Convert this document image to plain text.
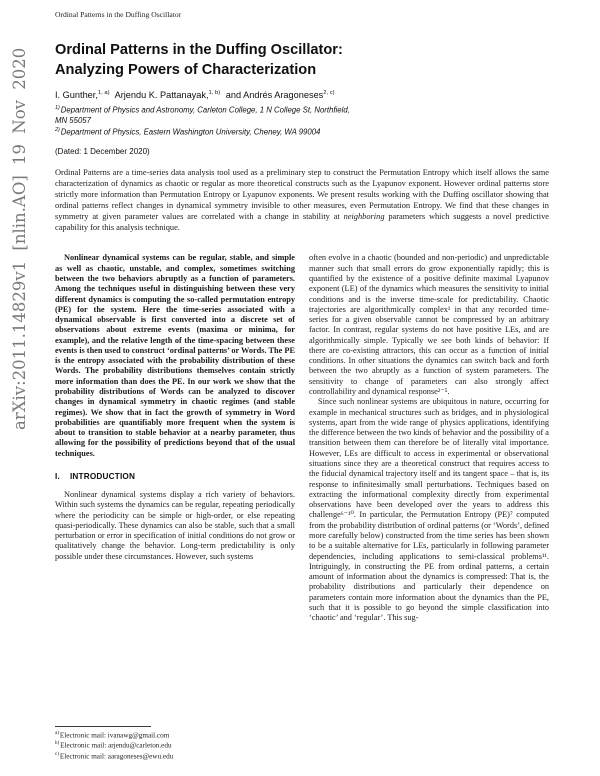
Ordinal Patterns in the Duffing Oscillator
arXiv:2011.14829v1 [nlin.AO] 19 Nov 2020 Ordinal Patterns in the Duffing Oscillator:
Analyzing Powers of Characterization
I. Gunther,$^{1, a)}$ Arjendu K. Pattanayak,$^{1, b)}$ and Andrés Aragoneses$^{2, c)}$
$^{1)}$Department of Physics and Astronomy, Carleton College, 1 N College St, Northfield,
MN 55057
$^{2)}$Department of Physics, Eastern Washington University, Cheney, WA 99004
(Dated: 1 December 2020)
Ordinal Patterns are a time-series data analysis tool used as a preliminary step to construct the Permutation Entropy which itself allows the same characterization of dynamics as chaotic or regular as more theoretical constructs such as the Lyapunov exponent. However ordinal patterns store strictly more information than Permutation Entropy or Lyapunov exponents. We present results working with the Duffing oscillator showing that ordinal patterns reflect changes in dynamical symmetry invisible to other measures, even Permutation Entropy. We find that these changes in symmetry at given parameter values are correlated with a change in stability at neighboring parameters which suggests a novel predictive capability for this analysis technique.

Nonlinear dynamical systems can be regular, stable, and simple as well as chaotic, unstable, and complex, sometimes switching between the two behaviors abruptly as a function of parameters. Among the techniques useful in distinguishing between these very different dynamics is computing the so-called permutation entropy (PE) for the system. Here the time-series associated with a dynamical observable is first converted into a discrete set of observations about extreme events (maxima or minima, for example), and the relative length of the time-spacing between these events is then used to construct ‘ordinal patterns’ or Words. The PE is the entropy associated with the probability distribution of these Words. The probability distributions themselves contain strictly more information than does the PE. In our work we show that the probability distributions of Words can be analyzed to discover changes in dynamical symmetry in chaotic regimes (and stable regimes). We show that in fact the growth of symmetry in Word probabilities are quantifiably more frequent when the system is about to transition to stable behavior at a nearby parameter, thus allowing for the possibility of predictions beyond that of the usual techniques.

I. INTRODUCTION

Nonlinear dynamical systems display a rich variety of behaviors. Within such systems the dynamics can be regular, repeating periodically where the periodicity can be simple or high-order, or else repeating quasi-periodically. These dynamics can also be stable, such that a small perturbation or error in specification of initial conditions do not grow or qualitatively change the behavior. Long-term predictability is only possible under these circumstances. However, such systems

$^{a)}$Electronic mail: ivanawg@gmail.com
$^{b)}$Electronic mail: arjendu@carleton.edu
$^{c)}$Electronic mail: aaragoneses@ewu.edu

often evolve in a chaotic (bounded and non-periodic) and unpredictable manner such that small errors do grow exponentially rapidly; this is quantified by the existence of a positive definite maximal Lyapunov exponent (LE) of the dynamics which measures the sensitivity to initial conditions and is the inverse time-scale for predictability. Chaotic trajectories are algorithmically complex¹ in that any recorded time-series for a given observable cannot be compressed by an arbitrary factor. In contrast, regular systems do not have positive LEs, and are algorithmically simple. Typically we see both kinds of behavior: If there are co-existing attractors, this can occur as a function of initial conditions. In other situations the dynamics can switch back and forth between the two abruptly as a function of system parameters. The sensitivity to change of parameters can also strongly affect controllability and dynamical response²⁻⁵.

Since such nonlinear systems are ubiquitous in nature, occurring for example in mechanical structures such as bridges, and in physiological systems, apart from the wide range of physics applications, identifying the difference between the two kinds of behavior and the possibility of a transition between them can therefore be of literally vital importance. However, LEs are difficult to access in experimental or observational situations since they are a theoretical construct that requires access to the fiducial dynamical trajectory itself and its tangent space – that is, its response to infinitesimally small perturbations. Techniques based on extracting the informational complexity directly from experimental observations have been developed over the years to address this challenge⁶⁻¹⁰. In particular, the Permutation Entropy (PE)⁷ computed from the probability distribution of ordinal patterns (or ‘Words’, defined more carefully below) constructed from the time series has been shown to be a suitable alternative for LEs, particularly in following parameter dependencies, including applications to semi-classical problems¹¹. Intriguingly, in constructing the PE from ordinal patterns, a certain amount of information about the dynamics is compressed: That is, the probability distributions and particularly their dependence on parameters contain more information about the dynamics than the PE, such that it is possible to go beyond the simple classification into ‘chaotic’ and ‘regular’. This sug-
